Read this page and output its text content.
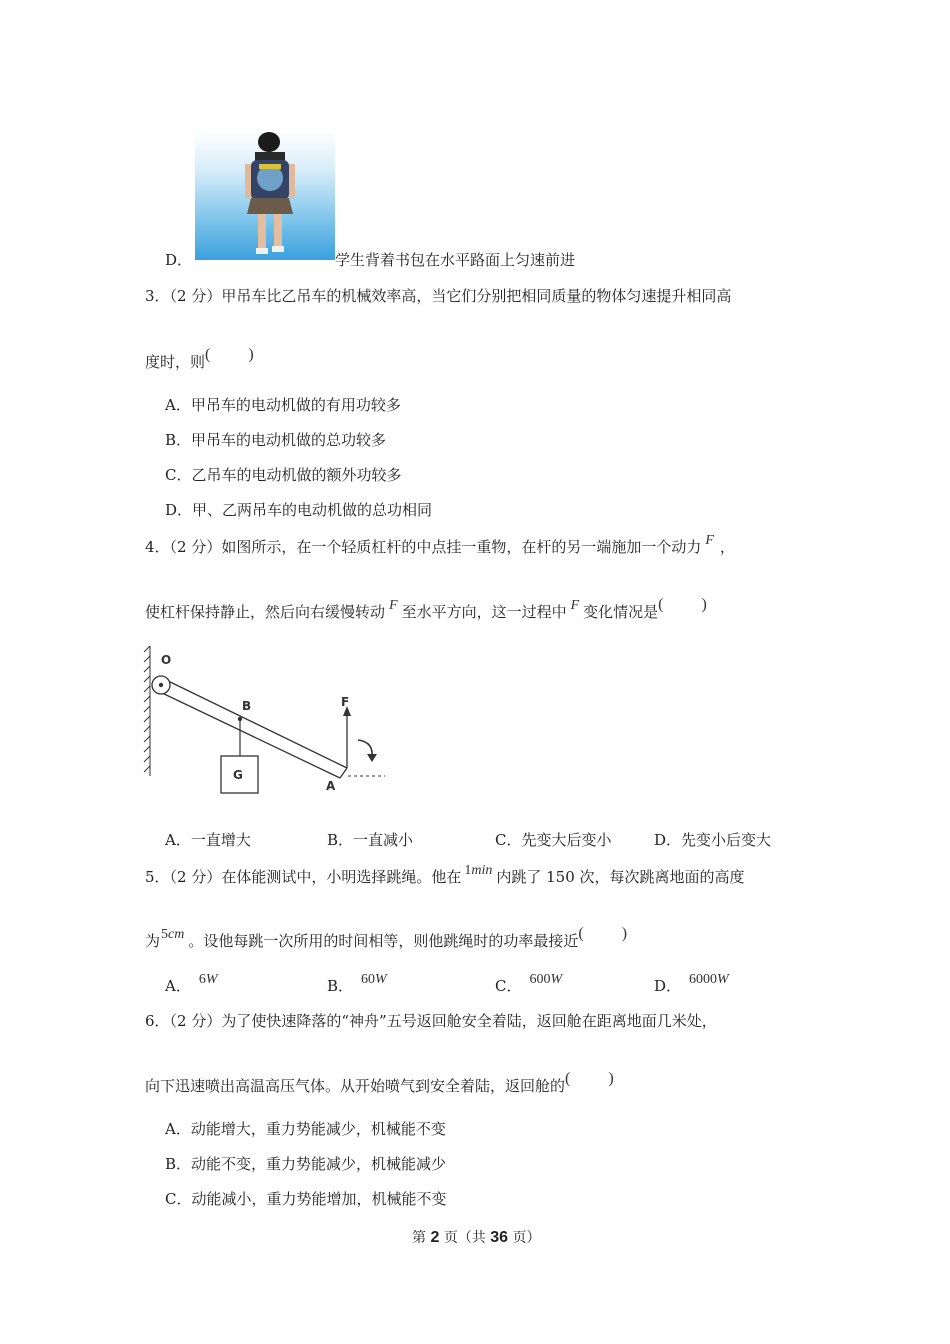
D．	学生背着书包在水平路面上匀速前进
3．（2 分）甲吊车比乙吊车的机械效率高，当它们分别把相同质量的物体匀速提升相同高
度时，则( )
A．甲吊车的电动机做的有用功较多
B．甲吊车的电动机做的总功较多
C．乙吊车的电动机做的额外功较多
D．甲、乙两吊车的电动机做的总功相同
4．（2 分）如图所示，在一个轻质杠杆的中点挂一重物，在杆的另一端施加一个动力 F ，
使杠杆保持静止，然后向右缓慢转动 F 至水平方向，这一过程中 F 变化情况是( )
O
B
G
F
A
A．一直增大	B．一直减小	C．先变大后变小	D．先变小后变大
5．（2 分）在体能测试中，小明选择跳绳。他在 1min 内跳了 150 次，每次跳离地面的高度
为5cm 。设他每跳一次所用的时间相等，则他跳绳时的功率最接近( )
A． 6W	B． 60W	C． 600W	D． 6000W
6．（2 分）为了使快速降落的“神舟”五号返回舱安全着陆，返回舱在距离地面几米处，
向下迅速喷出高温高压气体。从开始喷气到安全着陆，返回舱的( )
A．动能增大，重力势能减少，机械能不变
B．动能不变，重力势能减少，机械能减少
C．动能减小，重力势能增加，机械能不变
第 2 页（共 36 页）
